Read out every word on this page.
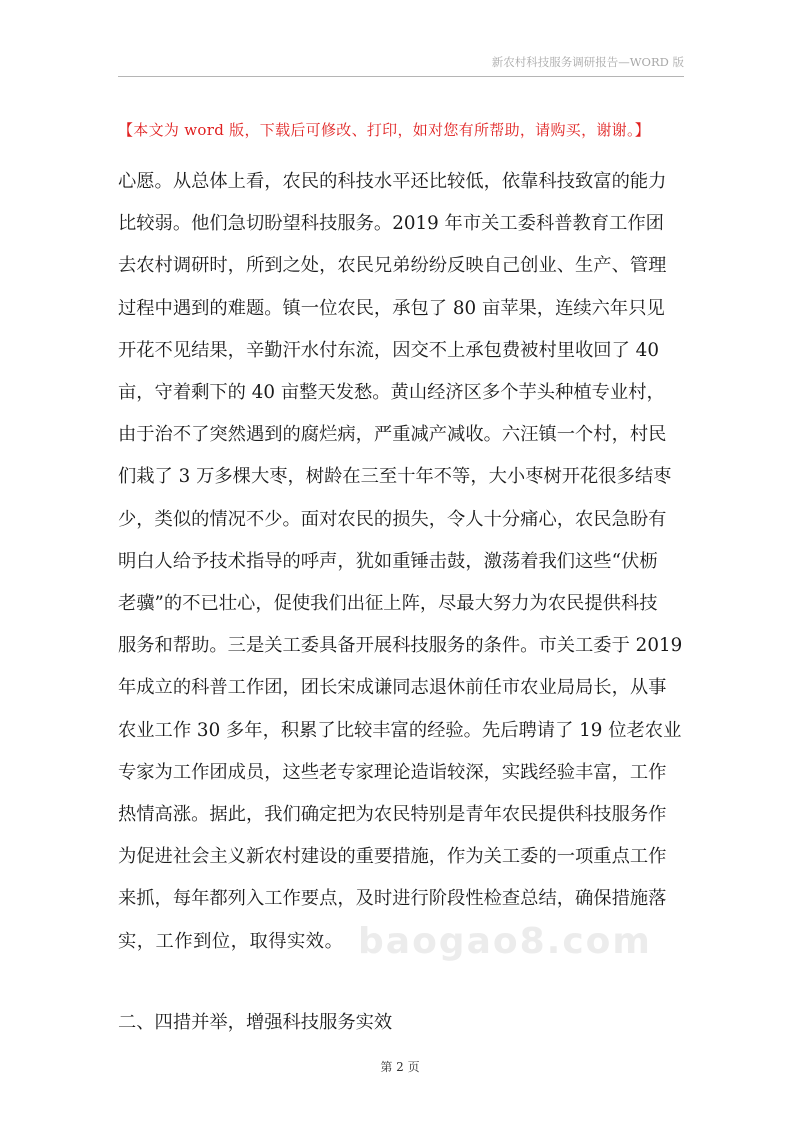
新农村科技服务调研报告—WORD 版
【本文为 word 版，下载后可修改、打印，如对您有所帮助，请购买，谢谢。】
心愿。从总体上看，农民的科技水平还比较低，依靠科技致富的能力
比较弱。他们急切盼望科技服务。2019 年市关工委科普教育工作团
去农村调研时，所到之处，农民兄弟纷纷反映自己创业、生产、管理
过程中遇到的难题。镇一位农民，承包了 80 亩苹果，连续六年只见
开花不见结果，辛勤汗水付东流，因交不上承包费被村里收回了 40
亩，守着剩下的 40 亩整天发愁。黄山经济区多个芋头种植专业村，
由于治不了突然遇到的腐烂病，严重减产减收。六汪镇一个村，村民
们栽了 3 万多棵大枣，树龄在三至十年不等，大小枣树开花很多结枣
少，类似的情况不少。面对农民的损失，令人十分痛心，农民急盼有
明白人给予技术指导的呼声，犹如重锤击鼓，激荡着我们这些“伏枥
老骥”的不已壮心，促使我们出征上阵，尽最大努力为农民提供科技
服务和帮助。三是关工委具备开展科技服务的条件。市关工委于 2019
年成立的科普工作团，团长宋成谦同志退休前任市农业局局长，从事
农业工作 30 多年，积累了比较丰富的经验。先后聘请了 19 位老农业
专家为工作团成员，这些老专家理论造诣较深，实践经验丰富，工作
热情高涨。据此，我们确定把为农民特别是青年农民提供科技服务作
为促进社会主义新农村建设的重要措施，作为关工委的一项重点工作
来抓，每年都列入工作要点，及时进行阶段性检查总结，确保措施落
实，工作到位，取得实效。 baogao8.com
二、四措并举，增强科技服务实效
第 2 页
